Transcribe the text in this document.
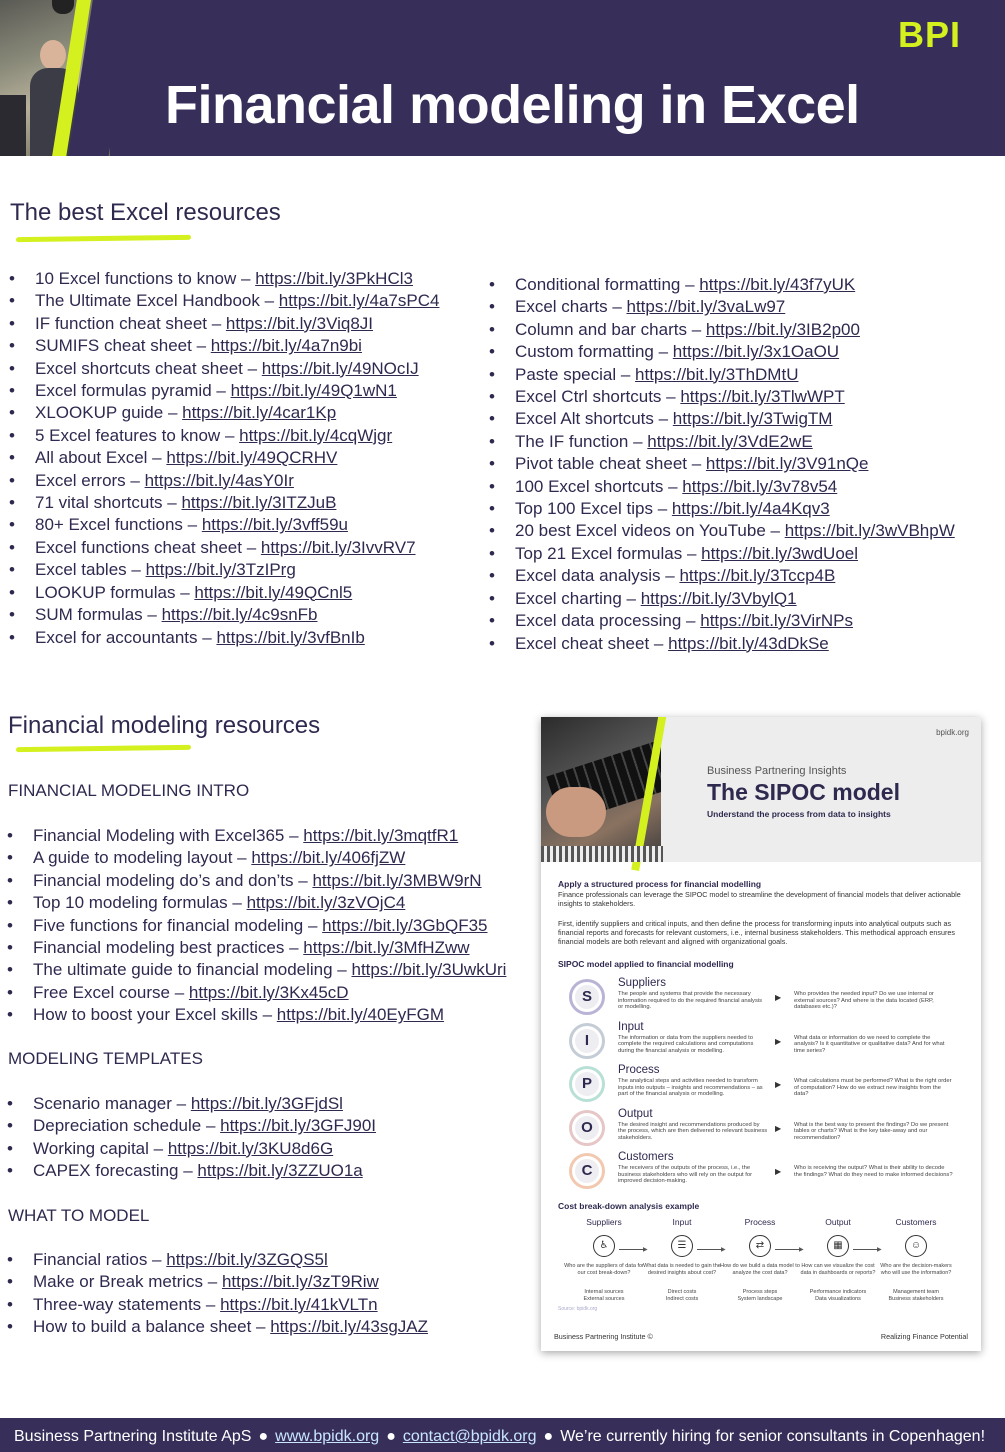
BPI
Financial modeling in Excel
The best Excel resources
• 10 Excel functions to know – https://bit.ly/3PkHCl3
• The Ultimate Excel Handbook – https://bit.ly/4a7sPC4
• IF function cheat sheet – https://bit.ly/3Viq8JI
• SUMIFS cheat sheet – https://bit.ly/4a7n9bi
• Excel shortcuts cheat sheet – https://bit.ly/49NOcIJ
• Excel formulas pyramid – https://bit.ly/49Q1wN1
• XLOOKUP guide – https://bit.ly/4car1Kp
• 5 Excel features to know – https://bit.ly/4cqWjgr
• All about Excel – https://bit.ly/49QCRHV
• Excel errors – https://bit.ly/4asY0Ir
• 71 vital shortcuts – https://bit.ly/3ITZJuB
• 80+ Excel functions – https://bit.ly/3vff59u
• Excel functions cheat sheet – https://bit.ly/3IvvRV7
• Excel tables – https://bit.ly/3TzIPrg
• LOOKUP formulas – https://bit.ly/49QCnl5
• SUM formulas – https://bit.ly/4c9snFb
• Excel for accountants – https://bit.ly/3vfBnIb
• Conditional formatting – https://bit.ly/43f7yUK
• Excel charts – https://bit.ly/3vaLw97
• Column and bar charts – https://bit.ly/3IB2p00
• Custom formatting – https://bit.ly/3x1OaOU
• Paste special – https://bit.ly/3ThDMtU
• Excel Ctrl shortcuts – https://bit.ly/3TlwWPT
• Excel Alt shortcuts – https://bit.ly/3TwigTM
• The IF function – https://bit.ly/3VdE2wE
• Pivot table cheat sheet – https://bit.ly/3V91nQe
• 100 Excel shortcuts – https://bit.ly/3v78v54
• Top 100 Excel tips – https://bit.ly/4a4Kqv3
• 20 best Excel videos on YouTube – https://bit.ly/3wVBhpW
• Top 21 Excel formulas – https://bit.ly/3wdUoel
• Excel data analysis – https://bit.ly/3Tccp4B
• Excel charting – https://bit.ly/3VbylQ1
• Excel data processing – https://bit.ly/3VirNPs
• Excel cheat sheet – https://bit.ly/43dDkSe
Financial modeling resources
FINANCIAL MODELING INTRO
• Financial Modeling with Excel365 – https://bit.ly/3mqtfR1
• A guide to modeling layout – https://bit.ly/406fjZW
• Financial modeling do’s and don’ts – https://bit.ly/3MBW9rN
• Top 10 modeling formulas – https://bit.ly/3zVOjC4
• Five functions for financial modeling – https://bit.ly/3GbQF35
• Financial modeling best practices – https://bit.ly/3MfHZww
• The ultimate guide to financial modeling – https://bit.ly/3UwkUri
• Free Excel course – https://bit.ly/3Kx45cD
• How to boost your Excel skills – https://bit.ly/40EyFGM
MODELING TEMPLATES
• Scenario manager – https://bit.ly/3GFjdSl
• Depreciation schedule – https://bit.ly/3GFJ90I
• Working capital – https://bit.ly/3KU8d6G
• CAPEX forecasting – https://bit.ly/3ZZUO1a
WHAT TO MODEL
• Financial ratios – https://bit.ly/3ZGQS5l
• Make or Break metrics – https://bit.ly/3zT9Riw
• Three-way statements – https://bit.ly/41kVLTn
• How to build a balance sheet – https://bit.ly/43sgJAZ
bpidk.org
Business Partnering Insights
The SIPOC model
Understand the process from data to insights
Apply a structured process for financial modelling
Finance professionals can leverage the SIPOC model to streamline the development of financial models that deliver actionable insights to stakeholders.
First, identify suppliers and critical inputs, and then define the process for transforming inputs into analytical outputs such as financial reports and forecasts for relevant customers, i.e., internal business stakeholders. This methodical approach ensures financial models are both relevant and aligned with organizational goals.
SIPOC model applied to financial modelling
S
Suppliers
The people and systems that provide the necessary information required to do the required financial analysis or modelling.
▶ Who provides the needed input? Do we use internal or external sources? And where is the data located (ERP, databases etc.)?
I
Input
The information or data from the suppliers needed to complete the required calculations and computations during the financial analysis or modelling.
▶ What data or information do we need to complete the analysis? Is it quantitative or qualitative data? And for what time series?
P
Process
The analytical steps and activities needed to transform inputs into outputs – insights and recommendations – as part of the financial analysis or modelling.
▶ What calculations must be performed? What is the right order of computation? How do we extract new insights from the data?
O
Output
The desired insight and recommendations produced by the process, which are then delivered to relevant business stakeholders.
▶ What is the best way to present the findings? Do we present tables or charts? What is the key take-away and our recommendation?
C
Customers
The receivers of the outputs of the process, i.e., the business stakeholders who will rely on the output for improved decision-making.
▶ Who is receiving the output? What is their ability to decode the findings? What do they need to make informed decisions?
Cost break-down analysis example
Suppliers
♿
Who are the suppliers of data for our cost break-down?
Internal sources
External sources
▶
Input
☰
What data is needed to gain the desired insights about cost?
Direct costs
Indirect costs
▶
Process
⇄
How do we build a data model to analyze the cost data?
Process steps
System landscape
▶
Output
▦
How can we visualize the cost data in dashboards or reports?
Performance indicators
Data visualizations
▶
Customers
☺
Who are the decision-makers who will use the information?
Management team
Business stakeholders
Source: bpidk.org
Business Partnering Institute ©	Realizing Finance Potential
Business Partnering Institute ApS ● www.bpidk.org ● contact@bpidk.org ● We’re currently hiring for senior consultants in Copenhagen!
